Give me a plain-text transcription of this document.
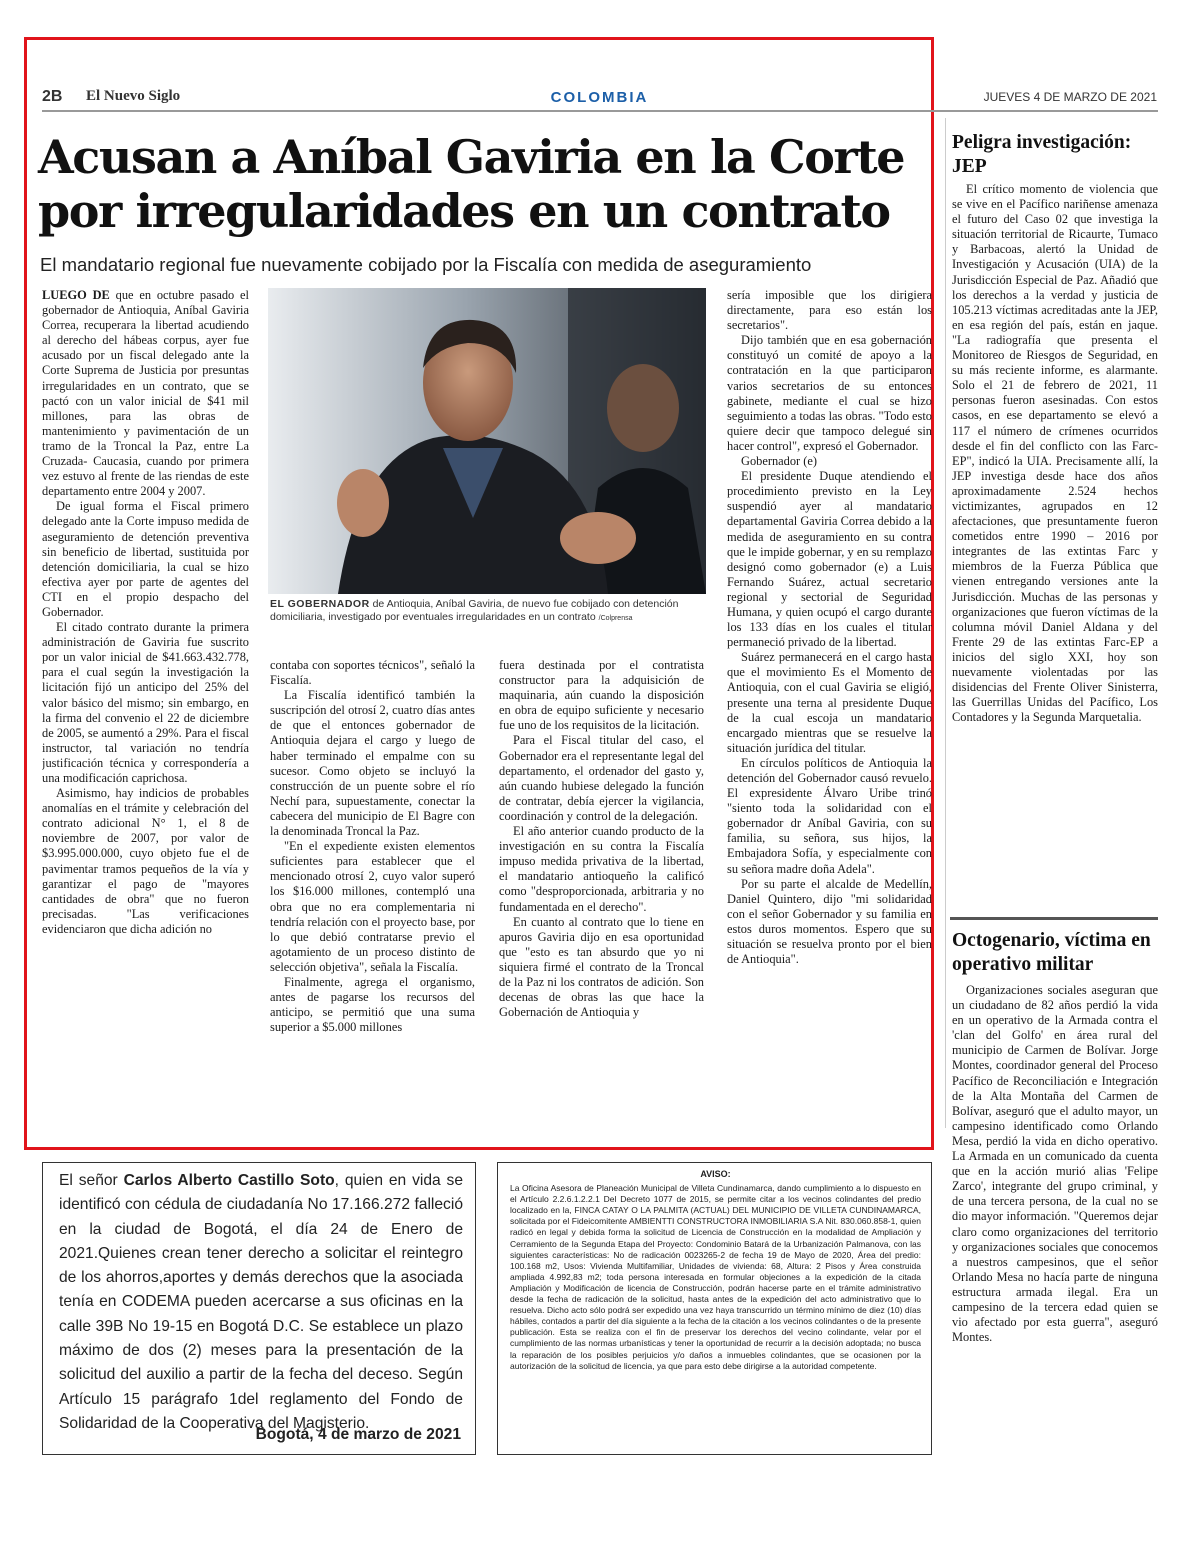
2B El Nuevo Siglo	COLOMBIA	JUEVES 4 DE MARZO DE 2021
Acusan a Aníbal Gaviria en la Corte por irregularidades en un contrato
El mandatario regional fue nuevamente cobijado por la Fiscalía con medida de aseguramiento

LUEGO DE que en octubre pasado el gobernador de Antioquia, Aníbal Gaviria Correa, recuperara la libertad acudiendo al derecho del hábeas corpus, ayer fue acusado por un fiscal delegado ante la Corte Suprema de Justicia por presuntas irregularidades en un contrato, que se pactó con un valor inicial de $41 mil millones, para las obras de mantenimiento y pavimentación de un tramo de la Troncal la Paz, entre La Cruzada- Caucasia, cuando por primera vez estuvo al frente de las riendas de este departamento entre 2004 y 2007.

De igual forma el Fiscal primero delegado ante la Corte impuso medida de aseguramiento de detención preventiva sin beneficio de libertad, sustituida por detención domiciliaria, la cual se hizo efectiva ayer por parte de agentes del CTI en el propio despacho del Gobernador.

El citado contrato durante la primera administración de Gaviria fue suscrito por un valor inicial de $41.663.432.778, para el cual según la investigación la licitación fijó un anticipo del 25% del valor básico del mismo; sin embargo, en la firma del convenio el 22 de diciembre de 2005, se aumentó a 29%. Para el fiscal instructor, tal variación no tendría justificación técnica y correspondería a una modificación caprichosa.

Asimismo, hay indicios de probables anomalías en el trámite y celebración del contrato adicional N° 1, el 8 de noviembre de 2007, por valor de $3.995.000.000, cuyo objeto fue el de pavimentar tramos pequeños de la vía y garantizar el pago de "mayores cantidades de obra" que no fueron precisadas. "Las verificaciones evidenciaron que dicha adición no

EL GOBERNADOR de Antioquia, Aníbal Gaviria, de nuevo fue cobijado con detención domiciliaria, investigado por eventuales irregularidades en un contrato /Colprensa

contaba con soportes técnicos", señaló la Fiscalía.

La Fiscalía identificó también la suscripción del otrosí 2, cuatro días antes de que el entonces gobernador de Antioquia dejara el cargo y luego de haber terminado el empalme con su sucesor. Como objeto se incluyó la construcción de un puente sobre el río Nechí para, supuestamente, conectar la cabecera del municipio de El Bagre con la denominada Troncal la Paz.

"En el expediente existen elementos suficientes para establecer que el mencionado otrosí 2, cuyo valor superó los $16.000 millones, contempló una obra que no era complementaria ni tendría relación con el proyecto base, por lo que debió contratarse previo el agotamiento de un proceso distinto de selección objetiva", señala la Fiscalía.

Finalmente, agrega el organismo, antes de pagarse los recursos del anticipo, se permitió que una suma superior a $5.000 millones

fuera destinada por el contratista constructor para la adquisición de maquinaria, aún cuando la disposición en obra de equipo suficiente y necesario fue uno de los requisitos de la licitación.

Para el Fiscal titular del caso, el Gobernador era el representante legal del departamento, el ordenador del gasto y, aún cuando hubiese delegado la función de contratar, debía ejercer la vigilancia, coordinación y control de la delegación.

El año anterior cuando producto de la investigación en su contra la Fiscalía impuso medida privativa de la libertad, el mandatario antioqueño la calificó como "desproporcionada, arbitraria y no fundamentada en el derecho".

En cuanto al contrato que lo tiene en apuros Gaviria dijo en esa oportunidad que "esto es tan absurdo que yo ni siquiera firmé el contrato de la Troncal de la Paz ni los contratos de adición. Son decenas de obras las que hace la Gobernación de Antioquia y

sería imposible que los dirigiera directamente, para eso están los secretarios".

Dijo también que en esa gobernación constituyó un comité de apoyo a la contratación en la que participaron varios secretarios de su entonces gabinete, mediante el cual se hizo seguimiento a todas las obras. "Todo esto quiere decir que tampoco delegué sin hacer control", expresó el Gobernador.

Gobernador (e)

El presidente Duque atendiendo el procedimiento previsto en la Ley suspendió ayer al mandatario departamental Gaviria Correa debido a la medida de aseguramiento en su contra que le impide gobernar, y en su remplazo designó como gobernador (e) a Luis Fernando Suárez, actual secretario regional y sectorial de Seguridad Humana, y quien ocupó el cargo durante los 133 días en los cuales el titular permaneció privado de la libertad.

Suárez permanecerá en el cargo hasta que el movimiento Es el Momento de Antioquia, con el cual Gaviria se eligió, presente una terna al presidente Duque de la cual escoja un mandatario encargado mientras que se resuelve la situación jurídica del titular.

En círculos políticos de Antioquia la detención del Gobernador causó revuelo. El expresidente Álvaro Uribe trinó "siento toda la solidaridad con el gobernador dr Aníbal Gaviria, con su familia, su señora, sus hijos, la Embajadora Sofía, y especialmente con su señora madre doña Adela".

Por su parte el alcalde de Medellín, Daniel Quintero, dijo "mi solidaridad con el señor Gobernador y su familia en estos duros momentos. Espero que su situación se resuelva pronto por el bien de Antioquia".

Peligra investigación: JEP

El crítico momento de violencia que se vive en el Pacífico nariñense amenaza el futuro del Caso 02 que investiga la situación territorial de Ricaurte, Tumaco y Barbacoas, alertó la Unidad de Investigación y Acusación (UIA) de la Jurisdicción Especial de Paz. Añadió que los derechos a la verdad y justicia de 105.213 víctimas acreditadas ante la JEP, en esa región del país, están en jaque. "La radiografía que presenta el Monitoreo de Riesgos de Seguridad, en su más reciente informe, es alarmante. Solo el 21 de febrero de 2021, 11 personas fueron asesinadas. Con estos casos, en ese departamento se elevó a 117 el número de crímenes ocurridos desde el fin del conflicto con las Farc-EP", indicó la UIA. Precisamente allí, la JEP investiga desde hace dos años aproximadamente 2.524 hechos victimizantes, agrupados en 12 afectaciones, que presuntamente fueron cometidos entre 1990 – 2016 por integrantes de las extintas Farc y miembros de la Fuerza Pública que vienen entregando versiones ante la Jurisdicción. Muchas de las personas y organizaciones que fueron víctimas de la columna móvil Daniel Aldana y del Frente 29 de las extintas Farc-EP a inicios del siglo XXI, hoy son nuevamente violentadas por las disidencias del Frente Oliver Sinisterra, las Guerrillas Unidas del Pacífico, Los Contadores y la Segunda Marquetalia.

Octogenario, víctima en operativo militar

Organizaciones sociales aseguran que un ciudadano de 82 años perdió la vida en un operativo de la Armada contra el 'clan del Golfo' en área rural del municipio de Carmen de Bolívar. Jorge Montes, coordinador general del Proceso Pacífico de Reconciliación e Integración de la Alta Montaña del Carmen de Bolívar, aseguró que el adulto mayor, un campesino identificado como Orlando Mesa, perdió la vida en dicho operativo. La Armada en un comunicado da cuenta que en la acción murió alias 'Felipe Zarco', integrante del grupo criminal, y de una tercera persona, de la cual no se dio mayor información. "Queremos dejar claro como organizaciones del territorio y organizaciones sociales que conocemos a nuestros campesinos, que el señor Orlando Mesa no hacía parte de ninguna estructura armada ilegal. Era un campesino de la tercera edad quien se vio afectado por esta guerra", aseguró Montes.

El señor Carlos Alberto Castillo Soto, quien en vida se identificó con cédula de ciudadanía No 17.166.272 falleció en la ciudad de Bogotá, el día 24 de Enero de 2021.Quienes crean tener derecho a solicitar el reintegro de los ahorros,aportes y demás derechos que la asociada tenía en CODEMA pueden acercarse a sus oficinas en la calle 39B No 19-15 en Bogotá D.C. Se establece un plazo máximo de dos (2) meses para la presentación de la solicitud del auxilio a partir de la fecha del deceso. Según Artículo 15 parágrafo 1del reglamento del Fondo de Solidaridad de la Cooperativa del Magisterio.
Bogotá, 4 de marzo de 2021
AVISO:
La Oficina Asesora de Planeación Municipal de Villeta Cundinamarca, dando cumplimiento a lo dispuesto en el Artículo 2.2.6.1.2.2.1 Del Decreto 1077 de 2015, se permite citar a los vecinos colindantes del predio localizado en la, FINCA CATAY O LA PALMITA (ACTUAL) DEL MUNICIPIO DE VILLETA CUNDINAMARCA, solicitada por el Fideicomitente AMBIENTTI CONSTRUCTORA INMOBILIARIA S.A Nit. 830.060.858-1, quien radicó en legal y debida forma la solicitud de Licencia de Construcción en la modalidad de Ampliación y Cerramiento de la Segunda Etapa del Proyecto: Condominio Batará de la Urbanización Palmanova, con las siguientes características: No de radicación 0023265-2 de fecha 19 de Mayo de 2020, Área del predio: 100.168 m2, Usos: Vivienda Multifamiliar, Unidades de vivienda: 68, Altura: 2 Pisos y Área construida ampliada 4.992,83 m2; toda persona interesada en formular objeciones a la expedición de la citada Ampliación y Modificación de licencia de Construcción, podrán hacerse parte en el trámite administrativo desde la fecha de radicación de la solicitud, hasta antes de la expedición del acto administrativo que lo resuelva. Dicho acto sólo podrá ser expedido una vez haya transcurrido un término mínimo de diez (10) días hábiles, contados a partir del día siguiente a la fecha de la citación a los vecinos colindantes o de la presente publicación. Esta se realiza con el fin de preservar los derechos del vecino colindante, velar por el cumplimiento de las normas urbanísticas y tener la oportunidad de recurrir a la decisión adoptada; no busca la reparación de los posibles perjuicios y/o daños a inmuebles colindantes, que se ocasionen por la autorización de la solicitud de licencia, ya que para esto debe dirigirse a la autoridad competente.
